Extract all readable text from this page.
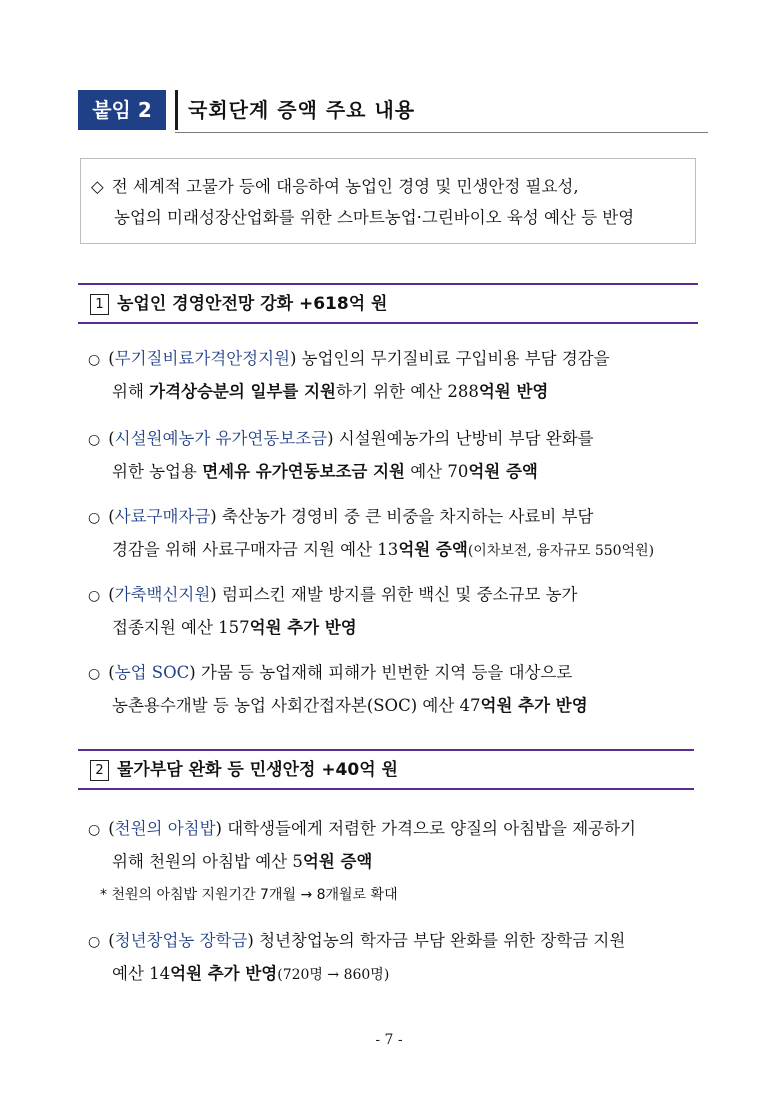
붙임 2	국회단계 증액 주요 내용
◇ 전 세계적 고물가 등에 대응하여 농업인 경영 및 민생안정 필요성,
농업의 미래성장산업화를 위한 스마트농업·그린바이오 육성 예산 등 반영
1 농업인 경영안전망 강화 +618억 원
○ (무기질비료가격안정지원) 농업인의 무기질비료 구입비용 부담 경감을
위해 가격상승분의 일부를 지원하기 위한 예산 288억원 반영
○ (시설원예농가 유가연동보조금) 시설원예농가의 난방비 부담 완화를
위한 농업용 면세유 유가연동보조금 지원 예산 70억원 증액
○ (사료구매자금) 축산농가 경영비 중 큰 비중을 차지하는 사료비 부담
경감을 위해 사료구매자금 지원 예산 13억원 증액(이차보전, 융자규모 550억원)
○ (가축백신지원) 럼피스킨 재발 방지를 위한 백신 및 중소규모 농가
접종지원 예산 157억원 추가 반영
○ (농업 SOC) 가뭄 등 농업재해 피해가 빈번한 지역 등을 대상으로
농촌용수개발 등 농업 사회간접자본(SOC) 예산 47억원 추가 반영
2 물가부담 완화 등 민생안정 +40억 원
○ (천원의 아침밥) 대학생들에게 저렴한 가격으로 양질의 아침밥을 제공하기
위해 천원의 아침밥 예산 5억원 증액
* 천원의 아침밥 지원기간 7개월 → 8개월로 확대
○ (청년창업농 장학금) 청년창업농의 학자금 부담 완화를 위한 장학금 지원
예산 14억원 추가 반영(720명 → 860명)
- 7 -
